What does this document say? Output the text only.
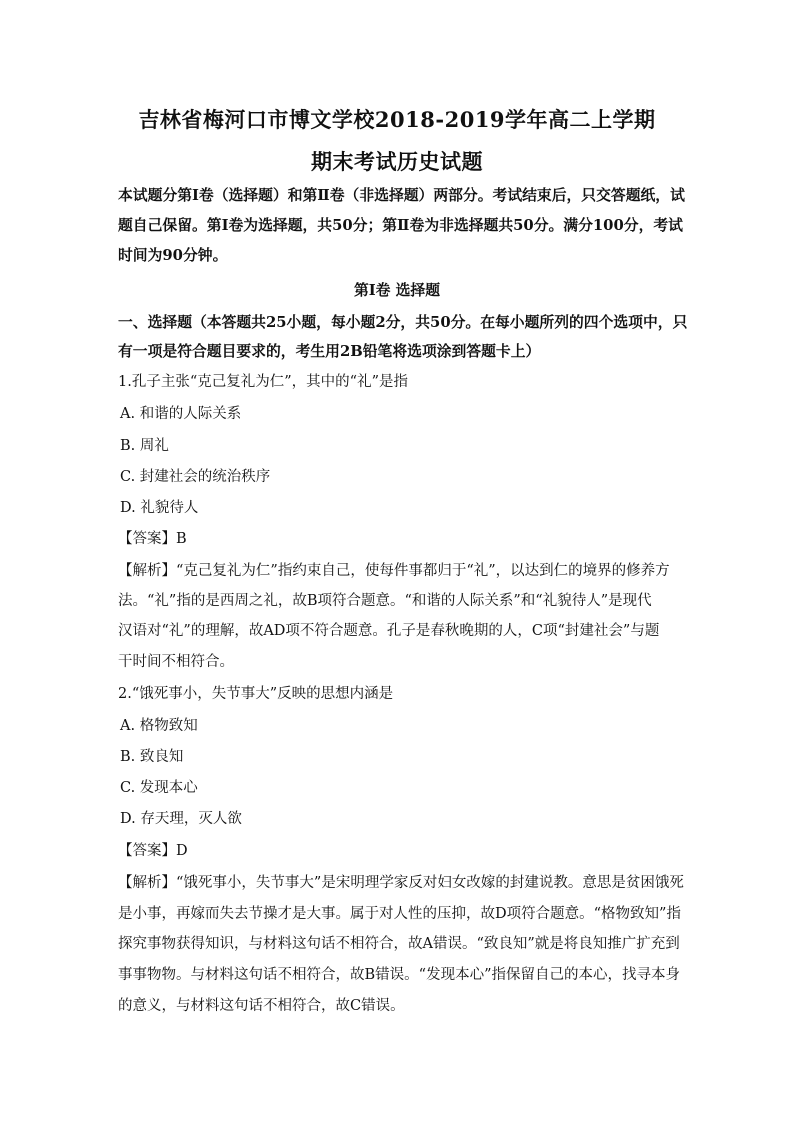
吉林省梅河口市博文学校2018-2019学年高二上学期
期末考试历史试题
本试题分第Ⅰ卷（选择题）和第Ⅱ卷（非选择题）两部分。考试结束后，只交答题纸，试
题自己保留。第Ⅰ卷为选择题，共50分；第Ⅱ卷为非选择题共50分。满分100分，考试
时间为90分钟。
第Ⅰ卷 选择题
一、选择题（本答题共25小题，每小题2分，共50分。在每小题所列的四个选项中，只
有一项是符合题目要求的，考生用2B铅笔将选项涂到答题卡上）
1.孔子主张“克己复礼为仁”，其中的“礼”是指
A. 和谐的人际关系
B. 周礼
C. 封建社会的统治秩序
D. 礼貌待人
【答案】B
【解析】“克己复礼为仁”指约束自己，使每件事都归于“礼”，以达到仁的境界的修养方
法。“礼”指的是西周之礼，故B项符合题意。“和谐的人际关系”和“礼貌待人”是现代
汉语对“礼”的理解，故AD项不符合题意。孔子是春秋晚期的人，C项“封建社会”与题
干时间不相符合。
2.“饿死事小，失节事大”反映的思想内涵是
A. 格物致知
B. 致良知
C. 发现本心
D. 存天理，灭人欲
【答案】D
【解析】“饿死事小，失节事大”是宋明理学家反对妇女改嫁的封建说教。意思是贫困饿死
是小事，再嫁而失去节操才是大事。属于对人性的压抑，故D项符合题意。“格物致知”指
探究事物获得知识，与材料这句话不相符合，故A错误。“致良知”就是将良知推广扩充到
事事物物。与材料这句话不相符合，故B错误。“发现本心”指保留自己的本心，找寻本身
的意义，与材料这句话不相符合，故C错误。
